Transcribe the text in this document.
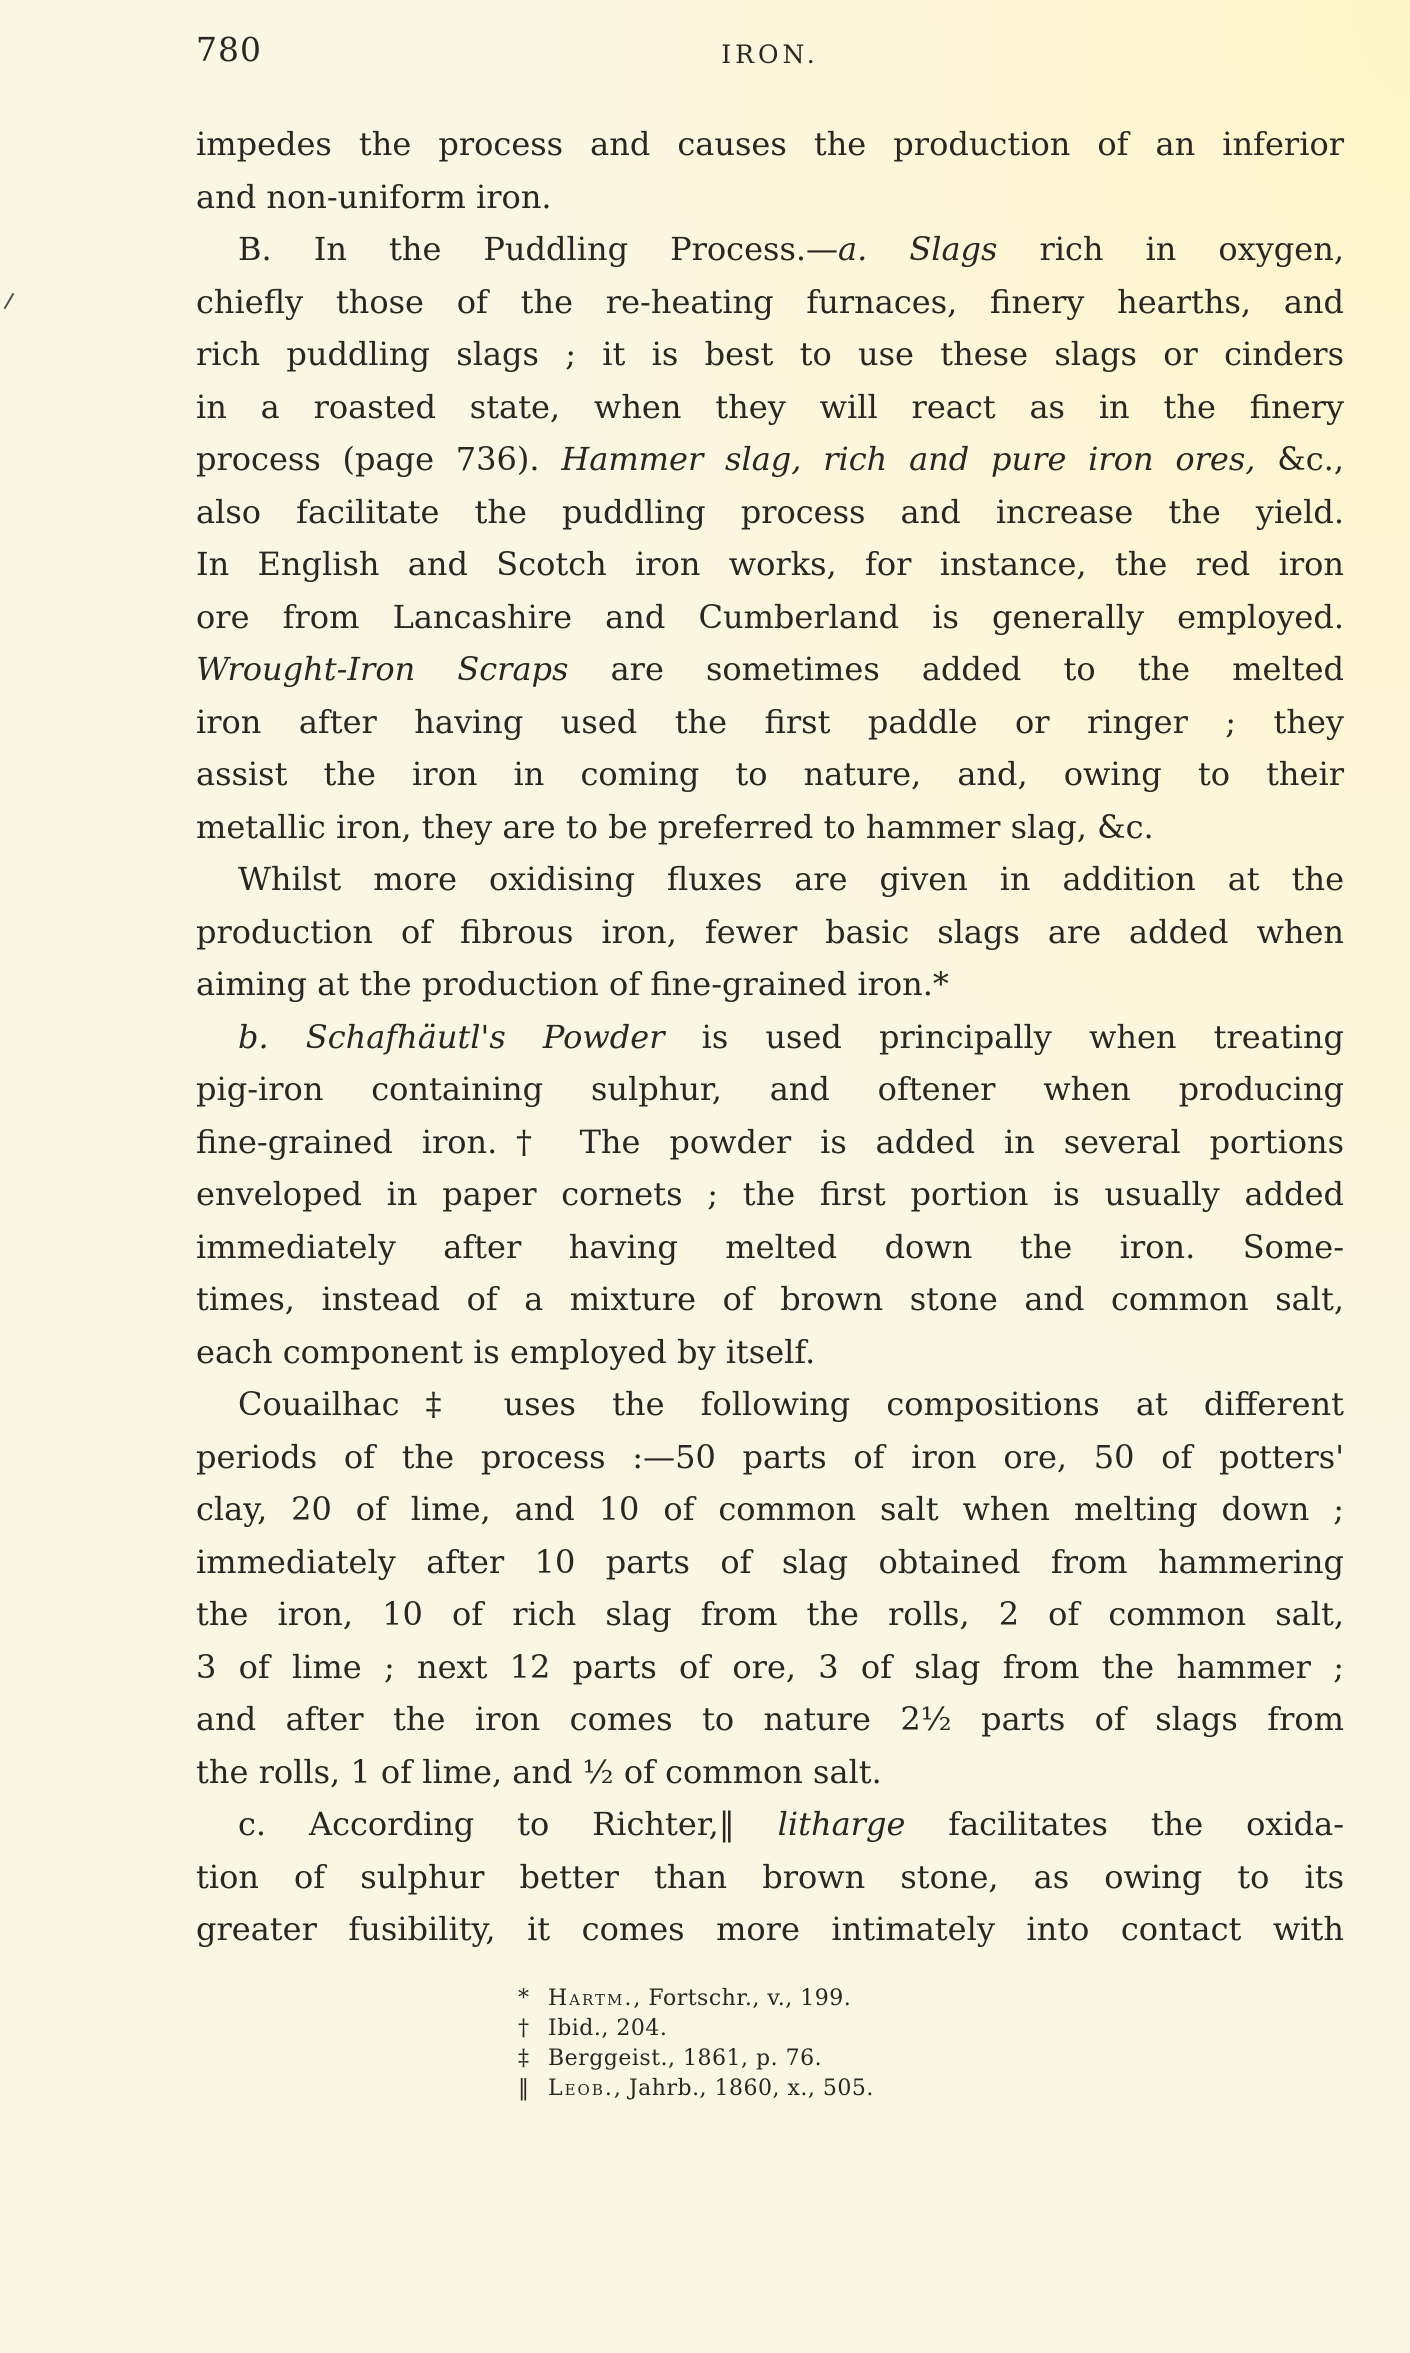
780	IRON.
impedes the process and causes the production of an inferior
and non-uniform iron.
B. In the Puddling Process.—a. Slags rich in oxygen,
chiefly those of the re-heating furnaces, finery hearths, and
rich puddling slags ; it is best to use these slags or cinders
in a roasted state, when they will react as in the finery
process (page 736). Hammer slag, rich and pure iron ores, &c.,
also facilitate the puddling process and increase the yield.
In English and Scotch iron works, for instance, the red iron
ore from Lancashire and Cumberland is generally employed.
Wrought-Iron Scraps are sometimes added to the melted
iron after having used the first paddle or ringer ; they
assist the iron in coming to nature, and, owing to their
metallic iron, they are to be preferred to hammer slag, &c.
Whilst more oxidising fluxes are given in addition at the
production of fibrous iron, fewer basic slags are added when
aiming at the production of fine-grained iron.*
b. Schafhäutl's Powder is used principally when treating
pig-iron containing sulphur, and oftener when producing
fine-grained iron.† The powder is added in several portions
enveloped in paper cornets ; the first portion is usually added
immediately after having melted down the iron. Some-
times, instead of a mixture of brown stone and common salt,
each component is employed by itself.
Couailhac‡ uses the following compositions at different
periods of the process :—50 parts of iron ore, 50 of potters'
clay, 20 of lime, and 10 of common salt when melting down ;
immediately after 10 parts of slag obtained from hammering
the iron, 10 of rich slag from the rolls, 2 of common salt,
3 of lime ; next 12 parts of ore, 3 of slag from the hammer ;
and after the iron comes to nature 2½ parts of slags from
the rolls, 1 of lime, and ½ of common salt.
c. According to Richter,‖ litharge facilitates the oxida-
tion of sulphur better than brown stone, as owing to its
greater fusibility, it comes more intimately into contact with
* Hartm., Fortschr., v., 199.
† Ibid., 204.
‡ Berggeist., 1861, p. 76.
‖ Leob., Jahrb., 1860, x., 505.
